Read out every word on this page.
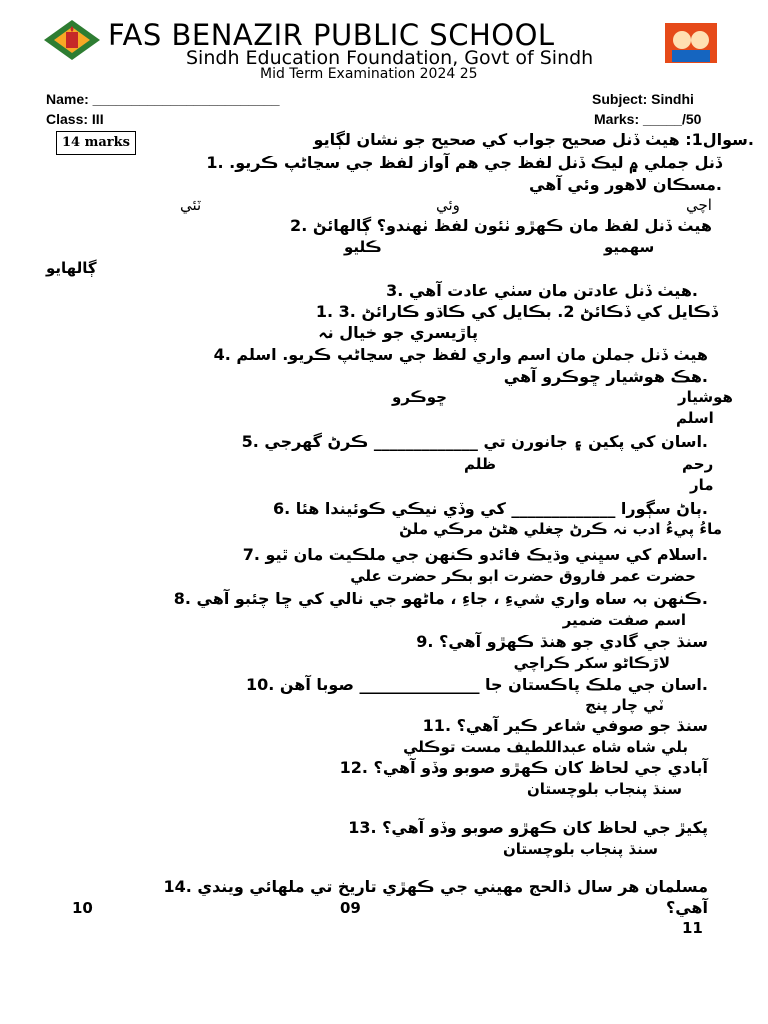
FAS BENAZIR PUBLIC SCHOOL
Sindh Education Foundation, Govt of Sindh
Mid Term Examination 2024 25
Name: ________________________	Subject: Sindhi
Class: III	Marks: _____/50
14 marks	.سوال1: هيٺ ڏنل صحيح جواب کي صحيح جو نشان لڳايو
ڏنل جملي ۾ ليڪ ڏنل لفظ جي هم آواز لفظ جي سڃاڻپ ڪريو. .1
.مسڪان لاهور وئي آهي
اچي
وئي
ٽئي
هيٺ ڏنل لفظ مان ڪهڙو ٺئون لفظ ٺهندو؟ ڳالهائڻ .2
سهميو
ڪليو
ڳالهايو
.هيٺ ڏنل عادتن مان سٺي عادت آهي .3
ڏڪايل کي ڏڪائڻ 2. بڪايل کي ڪاڌو ڪارائڻ .3 .1
پاڙيسري جو خيال نہ
هيٺ ڏنل جملن مان اسم واري لفظ جي سڃاڻپ ڪريو. اسلم .4
.هڪ هوشيار ڇوڪرو آهي
هوشيار
ڇوڪرو
اسلم
.اسان کي پکين ۽ جانورن تي _____________ ڪرڻ گهرجي .5
رحم
ظلم
مار
.ٻاڻ سڳورا _____________ کي وڏي نيڪي ڪوئيندا هئا .6
ماءُ پيءُ ادب نہ ڪرڻ چغلي هڻڻ مرڪي ملڻ
.اسلام کي سڀني وڌيڪ فائدو ڪنهن جي ملڪيت مان ٿيو .7
حضرت عمر فاروق حضرت ابو بڪر حضرت علي
.ڪنهن بہ ساه واري شيءِ ، جاءِ ، ماڻهو جي نالي کي ڇا چئبو آهي .8
اسم صفت ضمير
سنڌ جي گادي جو هنڌ ڪهڙو آهي؟ .9
لاڙڪاڻو سکر ڪراچي
.اسان جي ملڪ پاڪستان جا _______________ صوبا آهن .10
ٽي چار پنج
سنڌ جو صوفي شاعر ڪير آهي؟ .11
بلي شاه شاه عبداللطيف مست توڪلي
آبادي جي لحاظ کان ڪهڙو صوبو وڏو آهي؟ .12
سنڌ پنجاب بلوچستان
پکيڙ جي لحاظ کان ڪهڙو صوبو وڏو آهي؟ .13
سنڌ پنجاب بلوچستان
مسلمان هر سال ذالحج مهيني جي ڪهڙي تاريخ تي ملهائي ويندي .14
آهي؟
10	09
11
